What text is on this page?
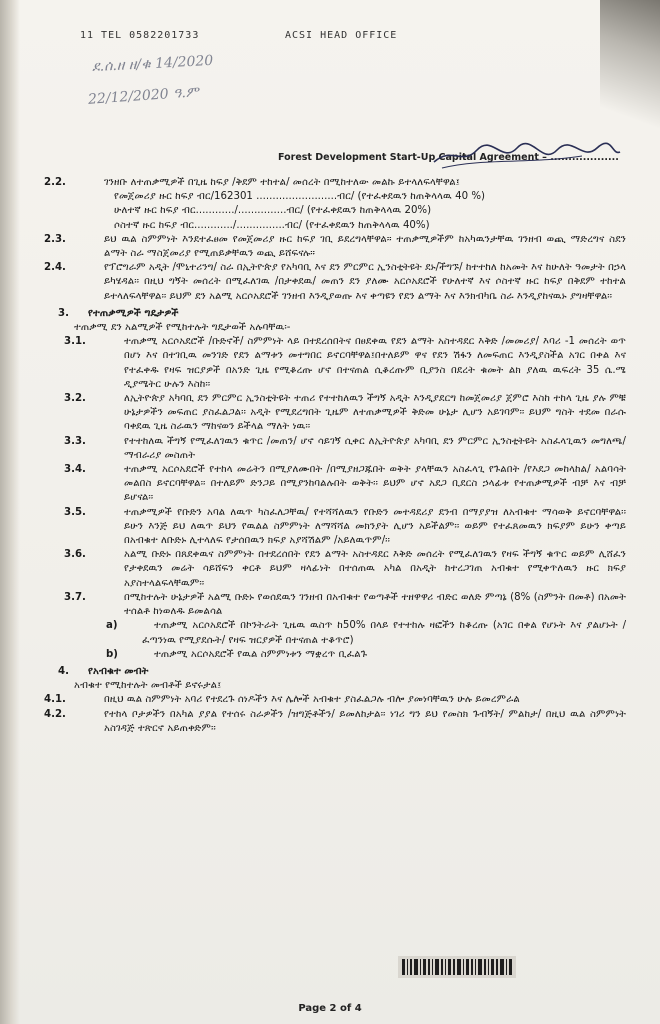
11 TEL 0582201733	ACSI HEAD OFFICE
ደ.ሰ.ዘ ዘ/ቁ 14/2020
22/12/2020 ዓ.ም
Forest Development Start-Up Capital Agreement – ...................
2.2.	ገንዘቡ ለተጠቃሚዎች በጊዜ ከፍያ /ቅደም ተከተል/ መሰረት በሚከተለው መልኩ ይተላለፍላቸዋል፤
የመጀመሪያ ዙር ከፍያ ብር/162301 .........................ብር/ (የተፈቀደዉን ከጠቅላላዉ 40 %)
ሁለተኛ ዙር ከፍያ ብር............/...............ብር/ (የተፈቀደዉን ከጠቅላላዉ 20%)
ሶስተኛ ዙር ከፍያ ብር............/...............ብር/ (የተፈቀደዉን ከጠቅላላዉ 40%)
2.3.	ይህ ዉል ስምምነት እንደተፈፀመ የመጀመሪያ ዙር ከፍያ ገቢ ይደረግላቸዋል። ተጠቃሚዎችም ከአካዉንታቸዉ ገንዘብ ወጪ ማድረግና ስደን ልማት ስራ ማስጀመሪያ የሚጠይቃቸዉን ወጪ ይሸፍናሉ።
2.4.	የፕሮግራም አዲት /ሞኒተሪንግ/ ስራ በኢትዮጵያ የአካባቢ እና ደን ምርምር ኢንስቲትዩት ደኑ/ችግኙ/ ከተተከለ ከአመት እና ከሁለት ዓመታት በኃላ ይካሄዳል፡፡ በዚህ ግኝት መሰረት በሚፈለገዉ /በታቀደዉ/ መጠን ደን ያለሙ አርሶአደሮች የሁለተኛ እና ሶስተኛ ዙር ከፍያ በቅደም ተከተል ይተላለፍላቸዋል፡፡ ይህም ደን አልሚ አርሶአደሮች ገንዘብ እንዲያወጡ እና ቀጣዩን የደን ልማት እና እንክብካቤ ስራ እንዲያከናዉኑ ያግዛቸዋል፡፡
3. የተጠቃሚዎች ግዴታዎች
ተጠቃሚ ደን አልሚዎች የሚከተሉት ግዴታወች አሉባቸዉ፡-
3.1.	ተጠቃሚ አርሶአደሮች /ቡድኖች/ ስምምነት ላይ በተደረሰበትና በፀደቀዉ የደን ልማት አስተዳደር እቅድ /መመሪያ/ እባሪ -1 መሰረት ወጥ በሆነ እና በተገቢዉ መንገድ የደን ልማቱን መተግበር ይኖርባቸዋል፤በተለይም ዋና የደን ሽፋን ለመፍጠር እንዲያስችል አገር በቀል እና የተፈቀዱ የዛፍ ዝርያዎች በአንድ ጊዜ የሚቆረጡ ሆኖ በተናጠል ሲቆረጡም ቢያንስ በደረት ቁመት ልክ ያለዉ ዉፍረት 35 ሴ.ሜ ዲያሜትር ሁሉን እስከ፡፡
3.2.	ለኢትዮጵያ አካባቢ ደን ምርምር ኢንስቲትዩት ተጠሪ የተተከለዉን ችግኝ አዲት እንዲያደርግ ከመጀመሪያ ጀምሮ እስከ ተከላ ጊዜ ያሉ ምቹ ሁኔታዎችን መፍጠር ያስፈልጋል፡፡ አዲት የሚደረግበት ጊዜም ለተጠቃሚዎች ቅድመ ሁኔታ ሊሆን አይገባም፡፡ ይህም ግስት ተደመ በራሱ ባቀደዉ ጊዜ ስራዉን ማከናወን ይችላል ማለት ነዉ፡፡
3.3.	የተተከለዉ ችግኝ የሚፈለገዉን ቁጥር /መጠን/ ሆኖ ሳይገኝ ሲቀር ለኢትዮጵያ አካባቢ ደን ምርምር ኢንስቲትዩት አስፈላጊዉን መግለጫ/ማብራሪያ መስጠት
3.4.	ተጠቃሚ አርሶአደሮች የተከላ መሬትን በሚያለሙበት /በሚያዘጋጁበት ወቅት ያላቸዉን አስፈላጊ የጉልበት /የእደጋ መከላከል/ አልባሳት መልበስ ይኖርባቸዋል፡፡ በተለይም ድንጋይ በሚያንከባልሉበት ወቅት፡፡ ይህም ሆኖ አደጋ ቢደርስ ኃላፊቱ የተጠቃሚዎች ብቻ እና ብቻ ይሆናል፡፡
3.5.	ተጠቃሚዎች የቡድን አባል ለዉጥ ካስፈለጋቸዉ/ የተሻሻለዉን የቡድን መተዳደሪያ ደንብ በማያያዝ ለአብቁተ ማሳወቅ ይኖርባቸዋል፡፡ ይሁን እንጅ ይህ ለዉጥ ይህን የዉልል ስምምነት ለማሻሻል መክንያት ሊሆን አይችልም፡፡ ወይም የተፈጸመዉን ክፍያም ይሁን ቀጣይ በአብቁተ ለቡድኑ ሊተላለፍ የታሰበዉን ክፍያ አያሻሽልም /አይለዉጥም/፡፡
3.6.	አልሚ ቡድኑ በጸደቀዉና ስምምነት በተደረሰበት የደን ልማት አስተዳደር እቅድ መሰረት የሚፈለገዉን የዛፍ ችግኝ ቁጥር ወይም ሊሸፈን የታቀደዉን መሬት ሳይሸፍን ቀርቶ ይህም ዛላፊነት በተሰጠዉ አካል በአዲት ከተረጋገጠ አብቁተ የሚቀጥለዉን ዙር ክፍያ አያስተላልፍላቸዉም፡፡
3.7.	በሚከተሉት ሁኔታዎች አልሚ ቡድኑ የወሰደዉን ገንዘብ በአብቁተ የወጣቶች ተዘዋዋሪ ብድር ወለድ ምጣኔ (8% (ስምንት በመቶ) በአመት ተሰልቶ ከነወለዱ ይመልሳል
a)	ተጠቃሚ አርሶአደሮች በኮንትራት ጊዜዉ ዉስጥ ከ50% በላይ የተተከሉ ዛፎችን ከቆረጡ (አገር በቀል የሆኑት እና ያልሆኑት /ፈጣንነዉ የሚያደሱት/ የዛፍ ዝርያዎች በተናጠል ተቆጥሮ)
b)	ተጠቃሚ አርሶአደሮች የዉል ስምምነቱን ማቋረጥ ቢፈልጉ
4. የአብቁተ መብት
አብቁተ የሚከተሉት መብቶች ይኖሩታል፤
4.1.	በዚህ ዉል ስምምነት አባሪ የተደረጉ ሰነዶችን እና ሌሎች አብቁተ ያስፈልጋሉ ብሎ ያመነባቸዉን ሁሉ ይመረምራል
4.2.	የተከላ ቦታዎችን በአካል ያያል የተሰሩ ስራዎችን /ዝግጅቶችን/ ይመለከታል፡፡ ነገሪ ግን ይህ የመስክ ጉብኝት/ ምልከታ/ በዚህ ዉል ስምምነት አስገዳጅ ተጽርኖ አይጠቀድም፡፡
Page 2 of 4
